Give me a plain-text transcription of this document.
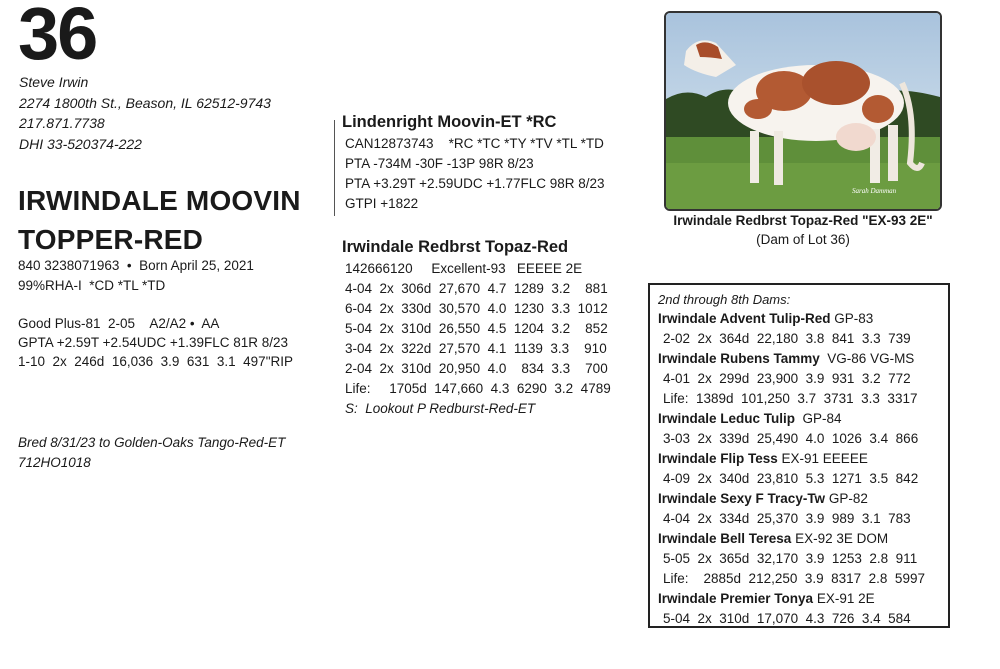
36
Steve Irwin
2274 1800th St., Beason, IL 62512-9743
217.871.7738
DHI 33-520374-222
IRWINDALE MOOVIN
TOPPER-RED
840 3238071963  •  Born April 25, 2021
99%RHA-I  *CD *TL *TD
Good Plus-81  2-05    A2/A2 •  AA
GPTA +2.59T +2.54UDC +1.39FLC 81R 8/23
1-10  2x  246d  16,036  3.9  631  3.1  497"RIP
Bred 8/31/23 to Golden-Oaks Tango-Red-ET
712HO1018
Lindenright Moovin-ET *RC
CAN12873743    *RC *TC *TY *TV *TL *TD
PTA -734M -30F -13P 98R 8/23
PTA +3.29T +2.59UDC +1.77FLC 98R 8/23
GTPI +1822
Irwindale Redbrst Topaz-Red
142666120     Excellent-93   EEEEE 2E
4-04  2x  306d  27,670  4.7  1289  3.2    881
6-04  2x  330d  30,570  4.0  1230  3.3  1012
5-04  2x  310d  26,550  4.5  1204  3.2    852
3-04  2x  322d  27,570  4.1  1139  3.3    910
2-04  2x  310d  20,950  4.0    834  3.3    700
Life:     1705d  147,660  4.3  6290  3.2  4789
S:  Lookout P Redburst-Red-ET
Sarah Damman
Irwindale Redbrst Topaz-Red "EX-93 2E"
(Dam of Lot 36)
2nd through 8th Dams:
Irwindale Advent Tulip-Red GP-83
2-02  2x  364d  22,180  3.8  841  3.3  739
Irwindale Rubens Tammy  VG-86 VG-MS
4-01  2x  299d  23,900  3.9  931  3.2  772
Life:  1389d  101,250  3.7  3731  3.3  3317
Irwindale Leduc Tulip  GP-84
3-03  2x  339d  25,490  4.0  1026  3.4  866
Irwindale Flip Tess EX-91 EEEEE
4-09  2x  340d  23,810  5.3  1271  3.5  842
Irwindale Sexy F Tracy-Tw GP-82
4-04  2x  334d  25,370  3.9  989  3.1  783
Irwindale Bell Teresa EX-92 3E DOM
5-05  2x  365d  32,170  3.9  1253  2.8  911
Life:    2885d  212,250  3.9  8317  2.8  5997
Irwindale Premier Tonya EX-91 2E
5-04  2x  310d  17,070  4.3  726  3.4  584
